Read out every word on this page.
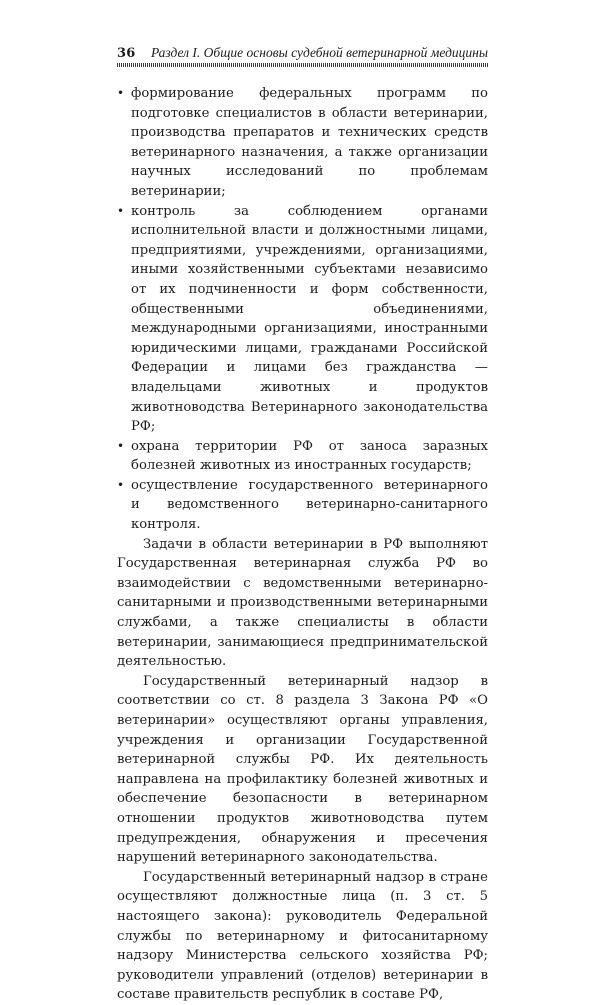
36 Раздел I. Общие основы судебной ветеринарной медицины
• формирование федеральных программ по подготовке специалистов в области ветеринарии, производства препаратов и технических средств ветеринарного назначения, а также организации научных исследований по проблемам ветеринарии;
• контроль за соблюдением органами исполнительной власти и должностными лицами, предприятиями, учреждениями, организациями, иными хозяйственными субъектами независимо от их подчиненности и форм собственности, общественными объединениями, международными организациями, иностранными юридическими лицами, гражданами Российской Федерации и лицами без гражданства — владельцами животных и продуктов животноводства Ветеринарного законодательства РФ;
• охрана территории РФ от заноса заразных болезней животных из иностранных государств;
• осуществление государственного ветеринарного и ведомственного ветеринарно-санитарного контроля.

Задачи в области ветеринарии в РФ выполняют Государственная ветеринарная служба РФ во взаимодействии с ведомственными ветеринарно-санитарными и производственными ветеринарными службами, а также специалисты в области ветеринарии, занимающиеся предпринимательской деятельностью.

Государственный ветеринарный надзор в соответствии со ст. 8 раздела 3 Закона РФ «О ветеринарии» осуществляют органы управления, учреждения и организации Государственной ветеринарной службы РФ. Их деятельность направлена на профилактику болезней животных и обеспечение безопасности в ветеринарном отношении продуктов животноводства путем предупреждения, обнаружения и пресечения нарушений ветеринарного законодательства.

Государственный ветеринарный надзор в стране осуществляют должностные лица (п. 3 ст. 5 настоящего закона): руководитель Федеральной службы по ветеринарному и фитосанитарному надзору Министерства сельского хозяйства РФ; руководители управлений (отделов) ветеринарии в составе правительств республик в составе РФ,
